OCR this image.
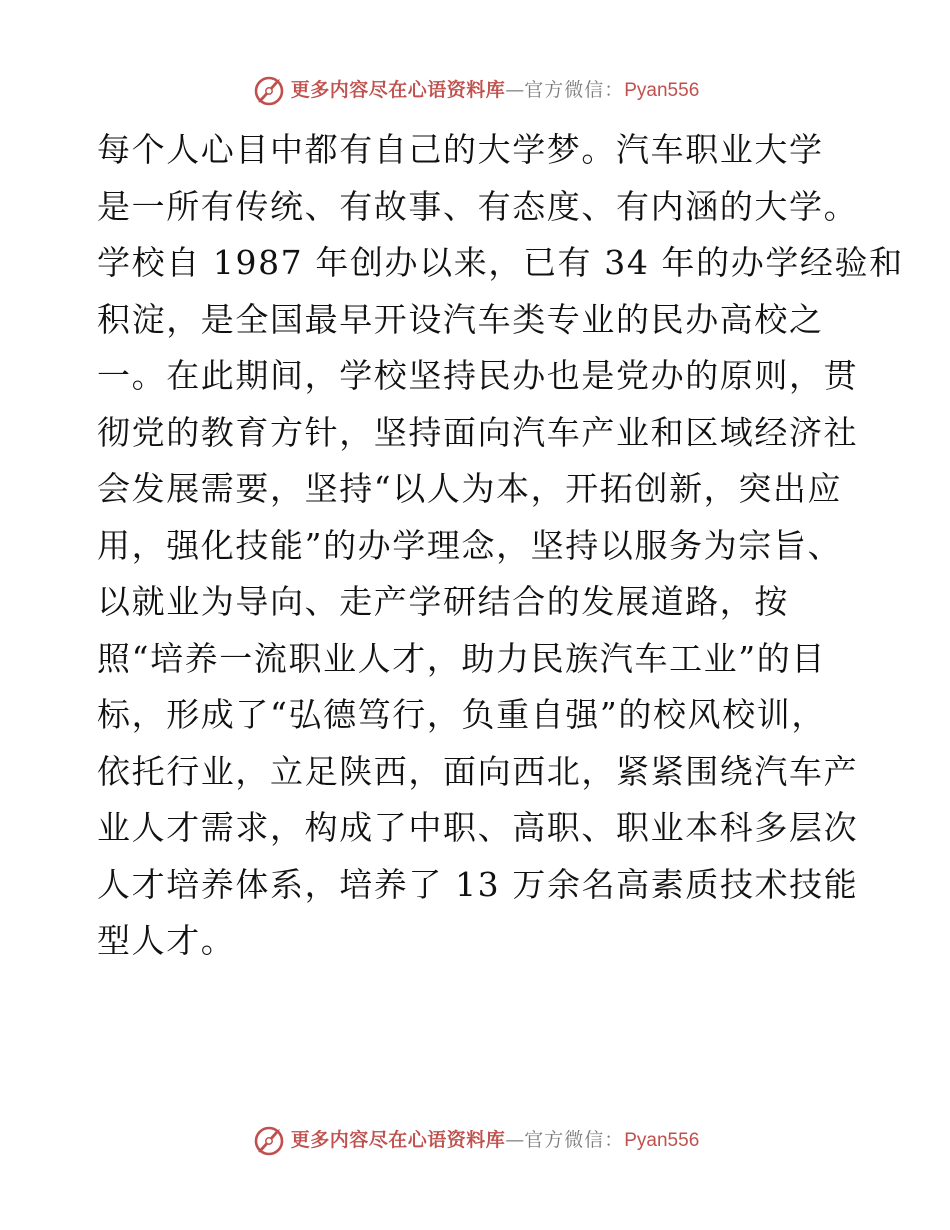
更多内容尽在心语资料库—官方微信：Pyan556
每个人心目中都有自己的大学梦。汽车职业大学
是一所有传统、有故事、有态度、有内涵的大学。
学校自 1987 年创办以来，已有 34 年的办学经验和
积淀，是全国最早开设汽车类专业的民办高校之
一。在此期间，学校坚持民办也是党办的原则，贯
彻党的教育方针，坚持面向汽车产业和区域经济社
会发展需要，坚持“以人为本，开拓创新，突出应
用，强化技能”的办学理念，坚持以服务为宗旨、
以就业为导向、走产学研结合的发展道路，按
照“培养一流职业人才，助力民族汽车工业”的目
标，形成了“弘德笃行，负重自强”的校风校训，
依托行业，立足陕西，面向西北，紧紧围绕汽车产
业人才需求，构成了中职、高职、职业本科多层次
人才培养体系，培养了 13 万余名高素质技术技能
型人才。
更多内容尽在心语资料库—官方微信：Pyan556
